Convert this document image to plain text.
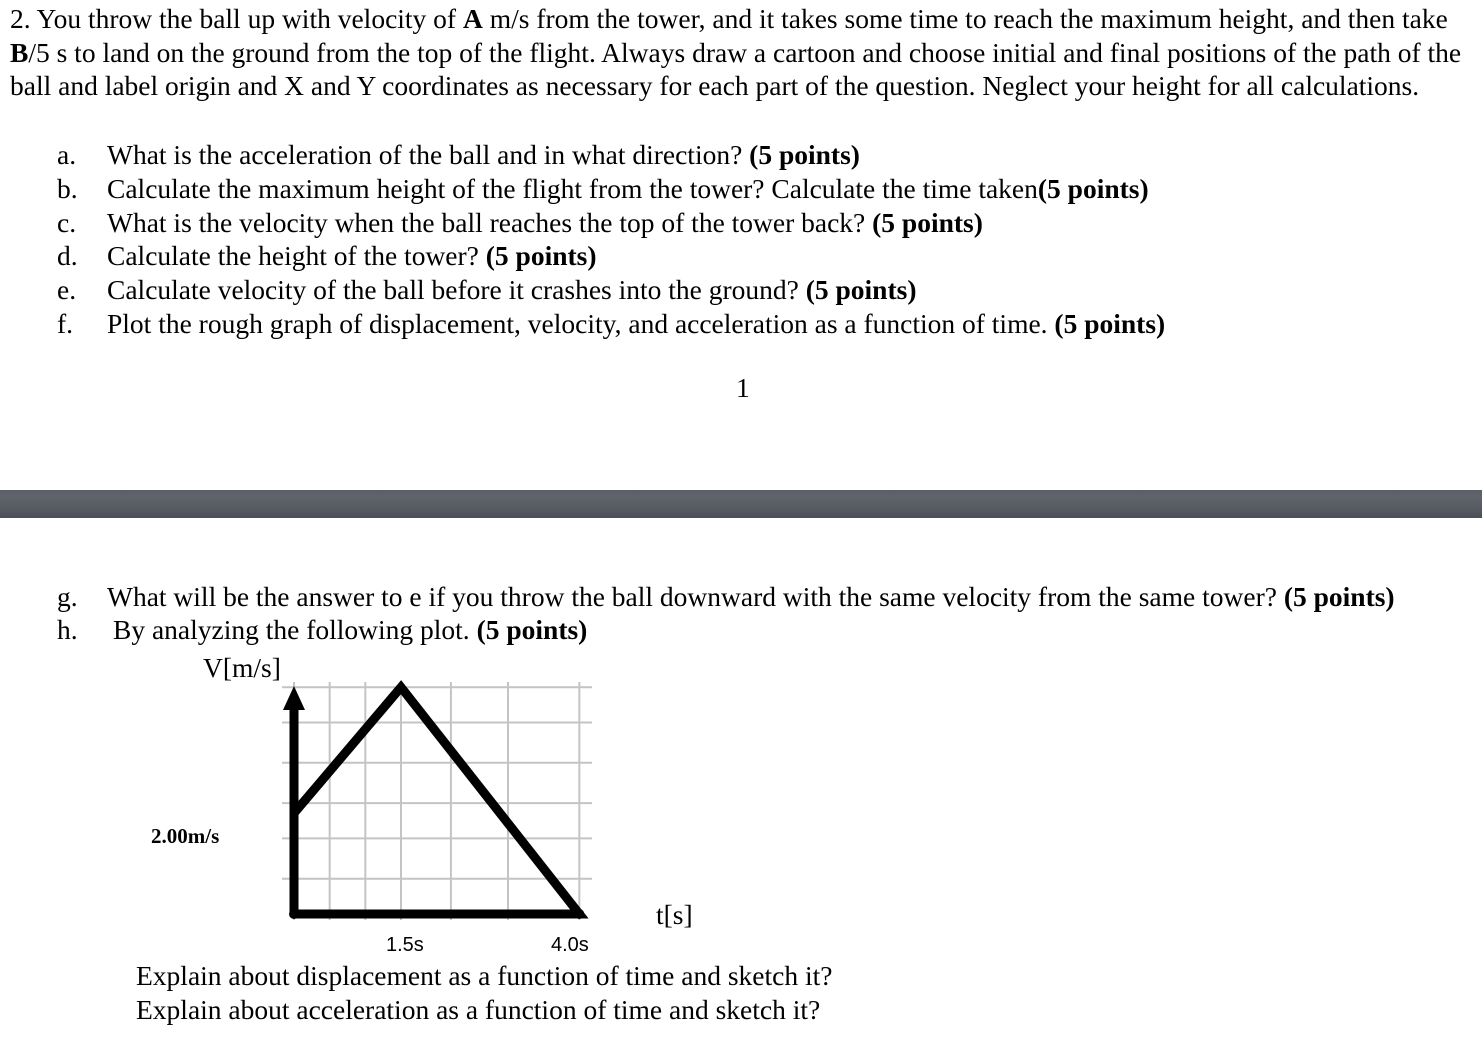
2. You throw the ball up with velocity of A m/s from the tower, and it takes some time to reach the maximum height, and then take B/5 s to land on the ground from the top of the flight. Always draw a cartoon and choose initial and final positions of the path of the ball and label origin and X and Y coordinates as necessary for each part of the question. Neglect your height for all calculations.
a.	What is the acceleration of the ball and in what direction? (5 points)
b.	Calculate the maximum height of the flight from the tower? Calculate the time taken(5 points)
c.	What is the velocity when the ball reaches the top of the tower back? (5 points)
d.	Calculate the height of the tower? (5 points)
e.	Calculate velocity of the ball before it crashes into the ground? (5 points)
f.	Plot the rough graph of displacement, velocity, and acceleration as a function of time. (5 points)
1
g.	What will be the answer to e if you throw the ball downward with the same velocity from the same tower? (5 points)
h.	By analyzing the following plot. (5 points)
V[m/s]
t[s]
2.00m/s
1.5s	4.0s
Explain about displacement as a function of time and sketch it?
Explain about acceleration as a function of time and sketch it?
